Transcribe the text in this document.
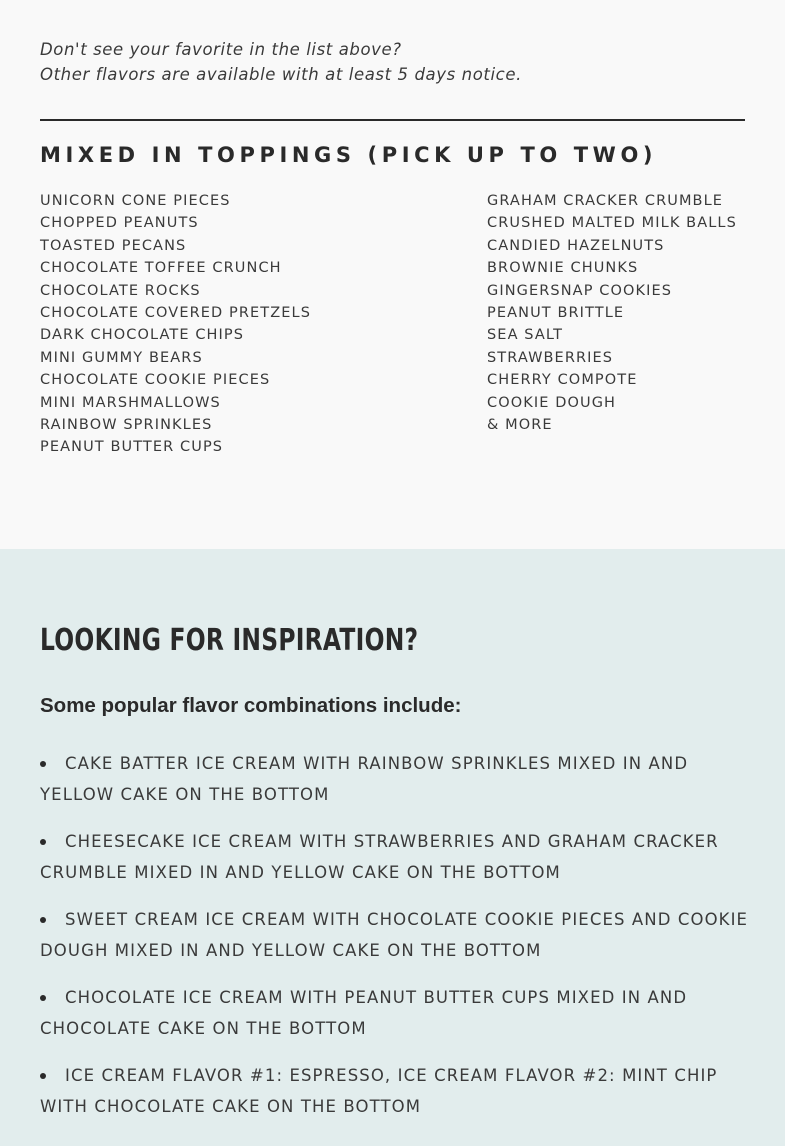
Don't see your favorite in the list above?
Other flavors are available with at least 5 days notice.

MIXED IN TOPPINGS (PICK UP TO TWO)
UNICORN CONE PIECES
CHOPPED PEANUTS
TOASTED PECANS
CHOCOLATE TOFFEE CRUNCH
CHOCOLATE ROCKS
CHOCOLATE COVERED PRETZELS
DARK CHOCOLATE CHIPS
MINI GUMMY BEARS
CHOCOLATE COOKIE PIECES
MINI MARSHMALLOWS
RAINBOW SPRINKLES
PEANUT BUTTER CUPS
GRAHAM CRACKER CRUMBLE
CRUSHED MALTED MILK BALLS
CANDIED HAZELNUTS
BROWNIE CHUNKS
GINGERSNAP COOKIES
PEANUT BRITTLE
SEA SALT
STRAWBERRIES
CHERRY COMPOTE
COOKIE DOUGH
& MORE
LOOKING FOR INSPIRATION?
Some popular flavor combinations include:
CAKE BATTER ICE CREAM WITH RAINBOW SPRINKLES MIXED IN AND YELLOW CAKE ON THE BOTTOM
CHEESECAKE ICE CREAM WITH STRAWBERRIES AND GRAHAM CRACKER CRUMBLE MIXED IN AND YELLOW CAKE ON THE BOTTOM
SWEET CREAM ICE CREAM WITH CHOCOLATE COOKIE PIECES AND COOKIE DOUGH MIXED IN AND YELLOW CAKE ON THE BOTTOM
CHOCOLATE ICE CREAM WITH PEANUT BUTTER CUPS MIXED IN AND CHOCOLATE CAKE ON THE BOTTOM
ICE CREAM FLAVOR #1: ESPRESSO, ICE CREAM FLAVOR #2: MINT CHIP WITH CHOCOLATE CAKE ON THE BOTTOM
